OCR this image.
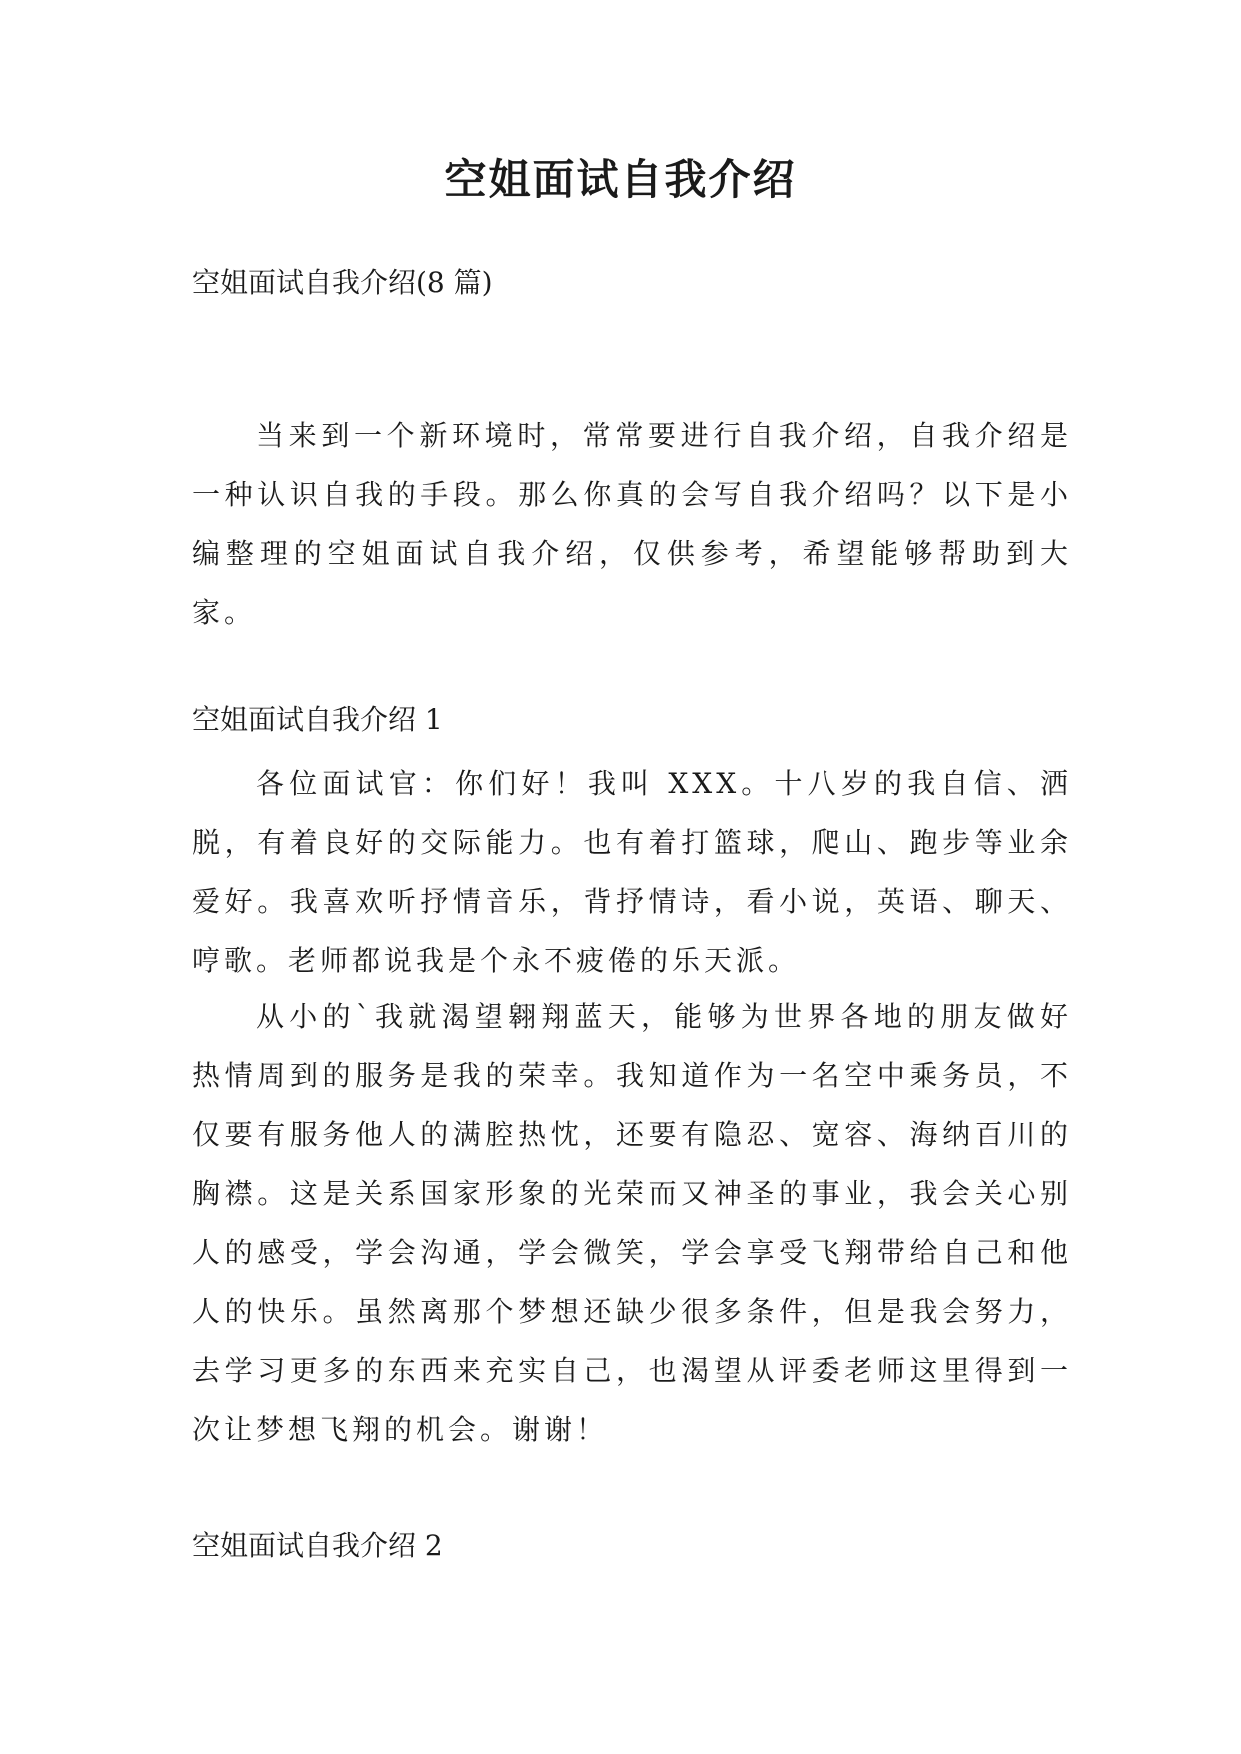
空姐面试自我介绍
空姐面试自我介绍(8 篇)

当来到一个新环境时，常常要进行自我介绍，自我介绍是一种认识自我的手段。那么你真的会写自我介绍吗？以下是小编整理的空姐面试自我介绍，仅供参考，希望能够帮助到大家。

空姐面试自我介绍 1

各位面试官：你们好！我叫 XXX。十八岁的我自信、洒脱，有着良好的交际能力。也有着打篮球，爬山、跑步等业余爱好。我喜欢听抒情音乐，背抒情诗，看小说，英语、聊天、哼歌。老师都说我是个永不疲倦的乐天派。

从小的`我就渴望翱翔蓝天，能够为世界各地的朋友做好热情周到的服务是我的荣幸。我知道作为一名空中乘务员，不仅要有服务他人的满腔热忱，还要有隐忍、宽容、海纳百川的胸襟。这是关系国家形象的光荣而又神圣的事业，我会关心别人的感受，学会沟通，学会微笑，学会享受飞翔带给自己和他人的快乐。虽然离那个梦想还缺少很多条件，但是我会努力，去学习更多的东西来充实自己，也渴望从评委老师这里得到一次让梦想飞翔的机会。谢谢！

空姐面试自我介绍 2
